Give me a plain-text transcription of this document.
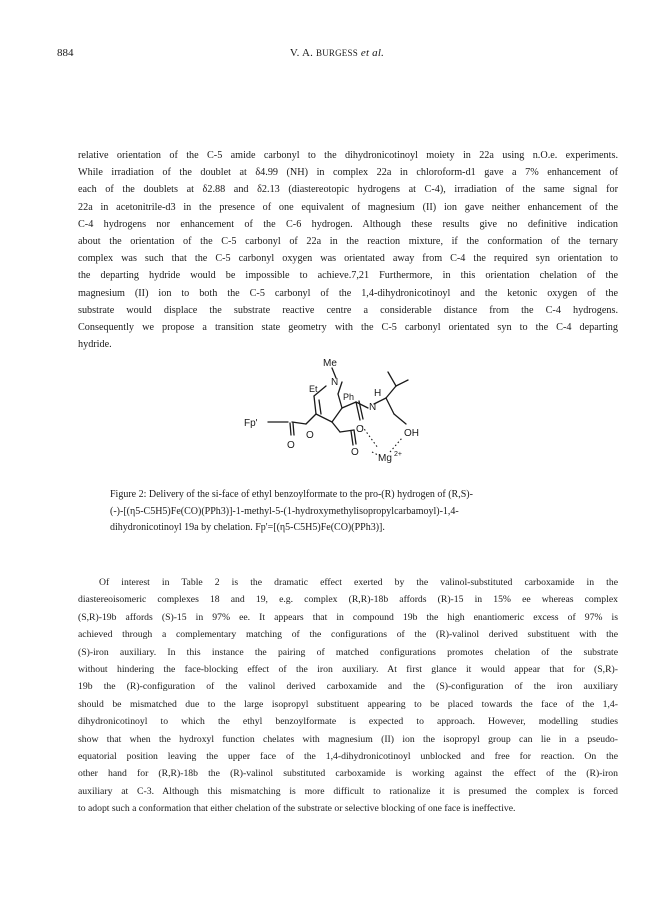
884	V. A. BURGESS et al.

relative orientation of the C-5 amide carbonyl to the dihydronicotinoyl moiety in 22a using n.O.e. experiments.
While irradiation of the doublet at δ4.99 (NH) in complex 22a in chloroform-d1 gave a 7% enhancement of
each of the doublets at δ2.88 and δ2.13 (diastereotopic hydrogens at C-4), irradiation of the same signal for
22a in acetonitrile-d3 in the presence of one equivalent of magnesium (II) ion gave neither enhancement of the
C-4 hydrogens nor enhancement of the C-6 hydrogen. Although these results give no definitive indication
about the orientation of the C-5 carbonyl of 22a in the reaction mixture, if the conformation of the ternary
complex was such that the C-5 carbonyl oxygen was orientated away from C-4 the required syn orientation to
the departing hydride would be impossible to achieve.7,21 Furthermore, in this orientation chelation of the
magnesium (II) ion to both the C-5 carbonyl of the 1,4-dihydronicotinoyl and the ketonic oxygen of the
substrate would displace the substrate reactive centre a considerable distance from the C-4 hydrogens.
Consequently we propose a transition state geometry with the C-5 carbonyl orientated syn to the C-4 departing
hydride.

Me
N
Et
Ph H
N
Fp'
O
O
O	OH
O
Mg 2+

Figure 2: Delivery of the si-face of ethyl benzoylformate to the pro-(R) hydrogen of (R,S)-
(-)-[(η5-C5H5)Fe(CO)(PPh3)]-1-methyl-5-(1-hydroxymethylisopropylcarbamoyl)-1,4-
dihydronicotinoyl 19a by chelation. Fp'=[(η5-C5H5)Fe(CO)(PPh3)].

Of interest in Table 2 is the dramatic effect exerted by the valinol-substituted carboxamide in the
diastereoisomeric complexes 18 and 19, e.g. complex (R,R)-18b affords (R)-15 in 15% ee whereas complex
(S,R)-19b affords (S)-15 in 97% ee. It appears that in compound 19b the high enantiomeric excess of 97% is
achieved through a complementary matching of the configurations of the (R)-valinol derived substituent with the
(S)-iron auxiliary. In this instance the pairing of matched configurations promotes chelation of the substrate
without hindering the face-blocking effect of the iron auxiliary. At first glance it would appear that for (S,R)-
19b the (R)-configuration of the valinol derived carboxamide and the (S)-configuration of the iron auxiliary
should be mismatched due to the large isopropyl substituent appearing to be placed towards the face of the 1,4-
dihydronicotinoyl to which the ethyl benzoylformate is expected to approach. However, modelling studies
show that when the hydroxyl function chelates with magnesium (II) ion the isopropyl group can lie in a pseudo-
equatorial position leaving the upper face of the 1,4-dihydronicotinoyl unblocked and free for reaction. On the
other hand for (R,R)-18b the (R)-valinol substituted carboxamide is working against the effect of the (R)-iron
auxiliary at C-3. Although this mismatching is more difficult to rationalize it is presumed the complex is forced
to adopt such a conformation that either chelation of the substrate or selective blocking of one face is ineffective.
